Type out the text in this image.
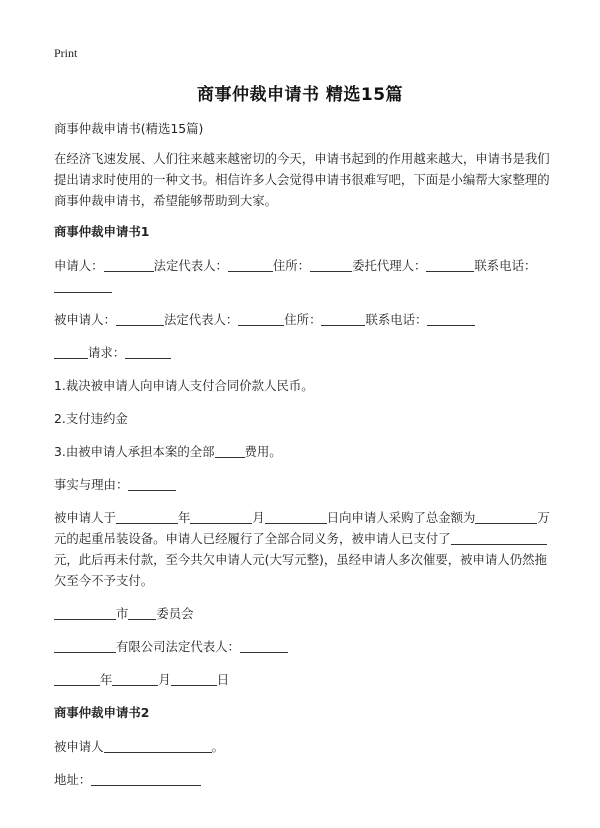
Print
商事仲裁申请书 精选15篇

商事仲裁申请书(精选15篇)

在经济飞速发展、人们往来越来越密切的今天，申请书起到的作用越来越大，申请书是我们提出请求时使用的一种文书。相信许多人会觉得申请书很难写吧，下面是小编帮大家整理的商事仲裁申请书，希望能够帮助到大家。

商事仲裁申请书1

申请人：	法定代表人：	住所：	委托代理人：	联系电话：

被申请人：	法定代表人：	住所：	联系电话：

请求：

1.裁决被申请人向申请人支付合同价款人民币。

2.支付违约金

3.由被申请人承担本案的全部 费用。

事实与理由：

被申请人于	年	月	日向申请人采购了总金额为	万元的起重吊装设备。申请人已经履行了全部合同义务，被申请人已支付了元，此后再未付款，至今共欠申请人元(大写元整)，虽经申请人多次催要，被申请人仍然拖欠至今不予支付。

市 委员会

有限公司法定代表人：

年	月	日

商事仲裁申请书2

被申请人	。

地址：
